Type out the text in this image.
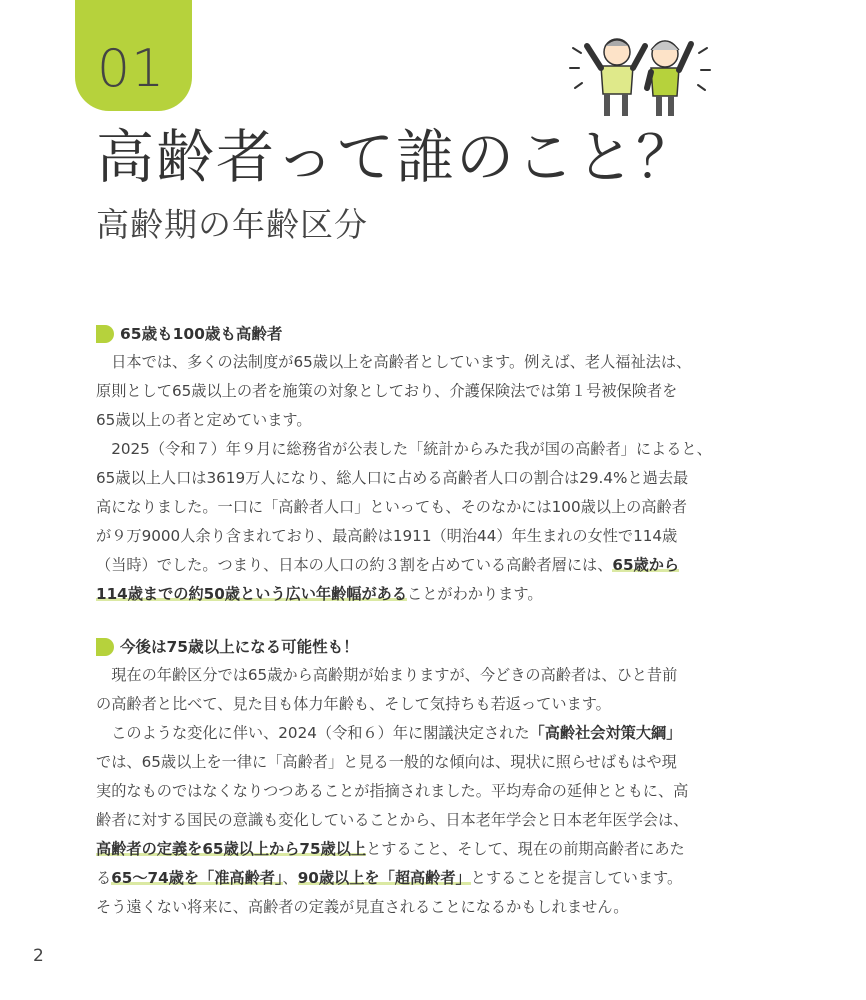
01
高齢者って誰のこと？
高齢期の年齢区分
65歳も100歳も高齢者

　日本では、多くの法制度が65歳以上を高齢者としています。例えば、老人福祉法は、

原則として65歳以上の者を施策の対象としており、介護保険法では第１号被保険者を

65歳以上の者と定めています。

　2025（令和７）年９月に総務省が公表した「統計からみた我が国の高齢者」によると、

65歳以上人口は3619万人になり、総人口に占める高齢者人口の割合は29.4%と過去最

高になりました。一口に「高齢者人口」といっても、そのなかには100歳以上の高齢者

が９万9000人余り含まれており、最高齢は1911（明治44）年生まれの女性で114歳

（当時）でした。つまり、日本の人口の約３割を占めている高齢者層には、65歳から

114歳までの約50歳という広い年齢幅があることがわかります。

今後は75歳以上になる可能性も！

　現在の年齢区分では65歳から高齢期が始まりますが、今どきの高齢者は、ひと昔前

の高齢者と比べて、見た目も体力年齢も、そして気持ちも若返っています。

　このような変化に伴い、2024（令和６）年に閣議決定された「高齢社会対策大綱」

では、65歳以上を一律に「高齢者」と見る一般的な傾向は、現状に照らせばもはや現

実的なものではなくなりつつあることが指摘されました。平均寿命の延伸とともに、高

齢者に対する国民の意識も変化していることから、日本老年学会と日本老年医学会は、

高齢者の定義を65歳以上から75歳以上とすること、そして、現在の前期高齢者にあた

る65～74歳を「准高齢者」、90歳以上を「超高齢者」とすることを提言しています。

そう遠くない将来に、高齢者の定義が見直されることになるかもしれません。

2
